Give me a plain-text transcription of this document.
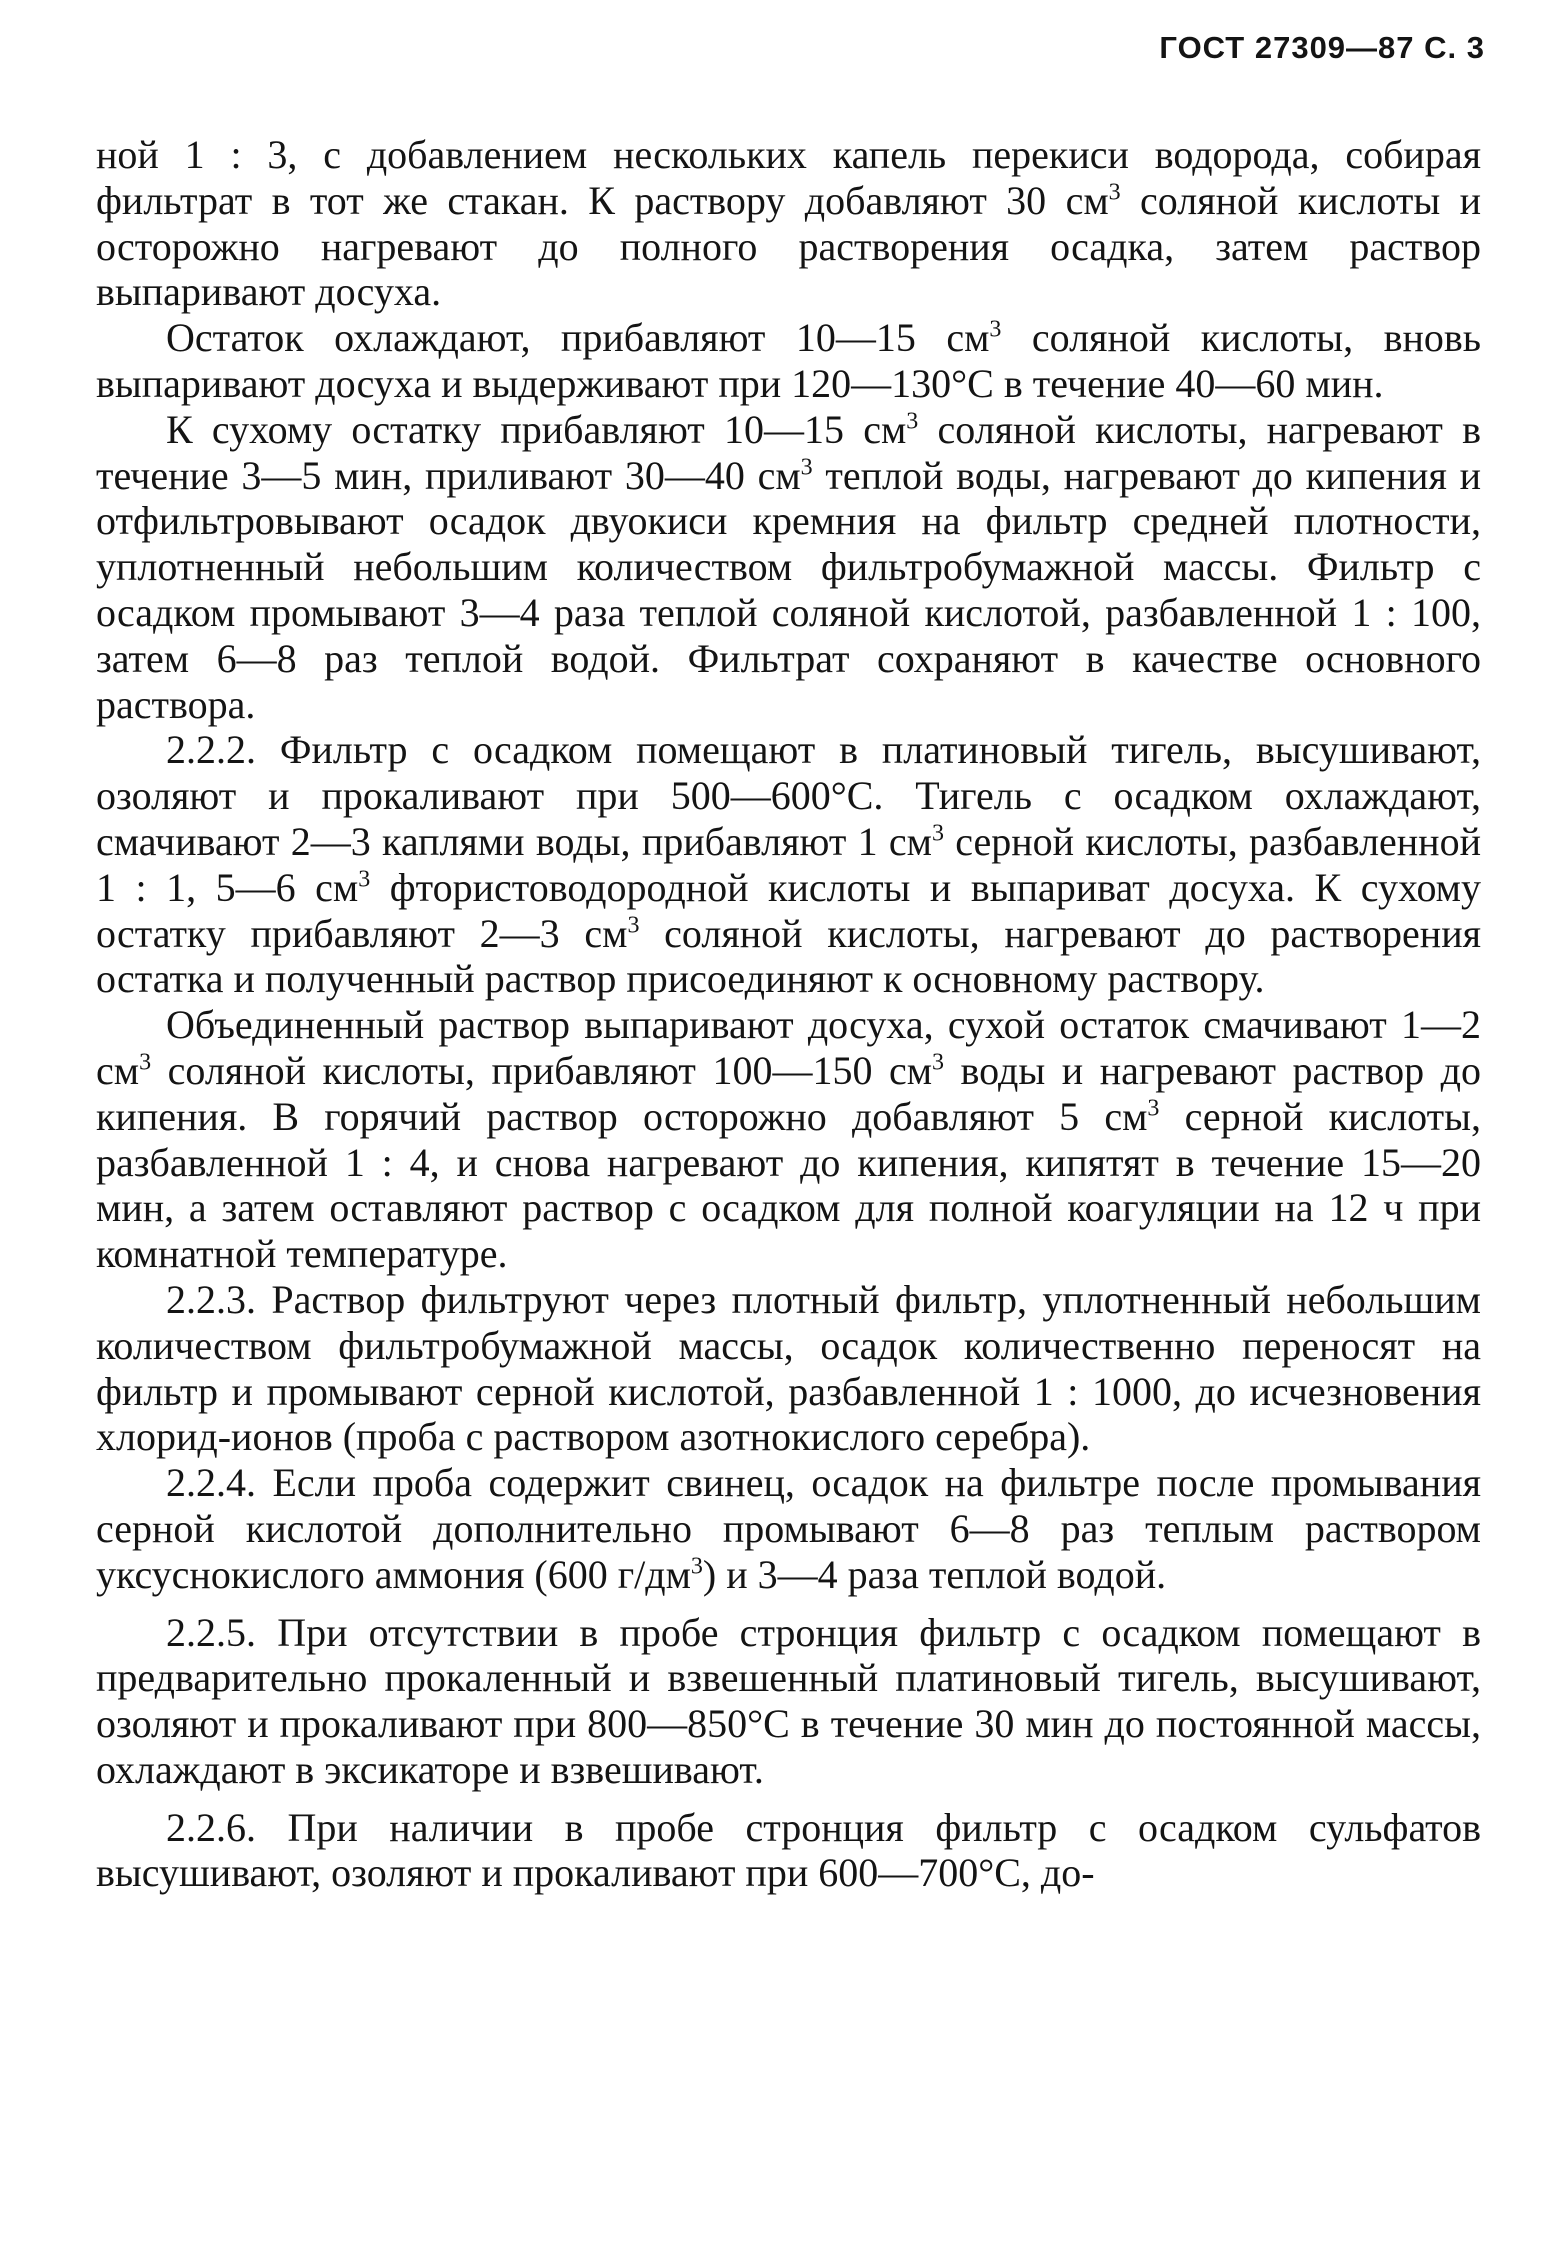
ГОСТ 27309—87 С. 3

ной 1 : 3, с добавлением нескольких капель перекиси водорода, собирая фильтрат в тот же стакан. К раствору добавляют 30 $см^3$ соляной кислоты и осторожно нагревают до полного растворения осадка, затем раствор выпаривают досуха.

Остаток охлаждают, прибавляют 10—15 $см^3$ соляной кислоты, вновь выпаривают досуха и выдерживают при 120—130°С в течение 40—60 мин.

К сухому остатку прибавляют 10—15 $см^3$ соляной кислоты, нагревают в течение 3—5 мин, приливают 30—40 $см^3$ теплой воды, нагревают до кипения и отфильтровывают осадок двуокиси кремния на фильтр средней плотности, уплотненный небольшим количеством фильтробумажной массы. Фильтр с осадком промывают 3—4 раза теплой соляной кислотой, разбавленной 1 : 100, затем 6—8 раз теплой водой. Фильтрат сохраняют в качестве основного раствора.

2.2.2. Фильтр с осадком помещают в платиновый тигель, высушивают, озоляют и прокаливают при 500—600°С. Тигель с осадком охлаждают, смачивают 2—3 каплями воды, прибавляют 1 $см^3$ серной кислоты, разбавленной 1 : 1, 5—6 $см^3$ фтористоводородной кислоты и выпариват досуха. К сухому остатку прибавляют 2—3 $см^3$ соляной кислоты, нагревают до растворения остатка и полученный раствор присоединяют к основному раствору.

Объединенный раствор выпаривают досуха, сухой остаток смачивают 1—2 $см^3$ соляной кислоты, прибавляют 100—150 $см^3$ воды и нагревают раствор до кипения. В горячий раствор осторожно добавляют 5 $см^3$ серной кислоты, разбавленной 1 : 4, и снова нагревают до кипения, кипятят в течение 15—20 мин, а затем оставляют раствор с осадком для полной коагуляции на 12 ч при комнатной температуре.

2.2.3. Раствор фильтруют через плотный фильтр, уплотненный небольшим количеством фильтробумажной массы, осадок количественно переносят на фильтр и промывают серной кислотой, разбавленной 1 : 1000, до исчезновения хлорид-ионов (проба с раствором азотнокислого серебра).

2.2.4. Если проба содержит свинец, осадок на фильтре после промывания серной кислотой дополнительно промывают 6—8 раз теплым раствором уксуснокислого аммония (600 $г/дм^3$) и 3—4 раза теплой водой.

2.2.5. При отсутствии в пробе стронция фильтр с осадком помещают в предварительно прокаленный и взвешенный платиновый тигель, высушивают, озоляют и прокаливают при 800—850°С в течение 30 мин до постоянной массы, охлаждают в эксикаторе и взвешивают.

2.2.6. При наличии в пробе стронция фильтр с осадком сульфатов высушивают, озоляют и прокаливают при 600—700°С, до-
